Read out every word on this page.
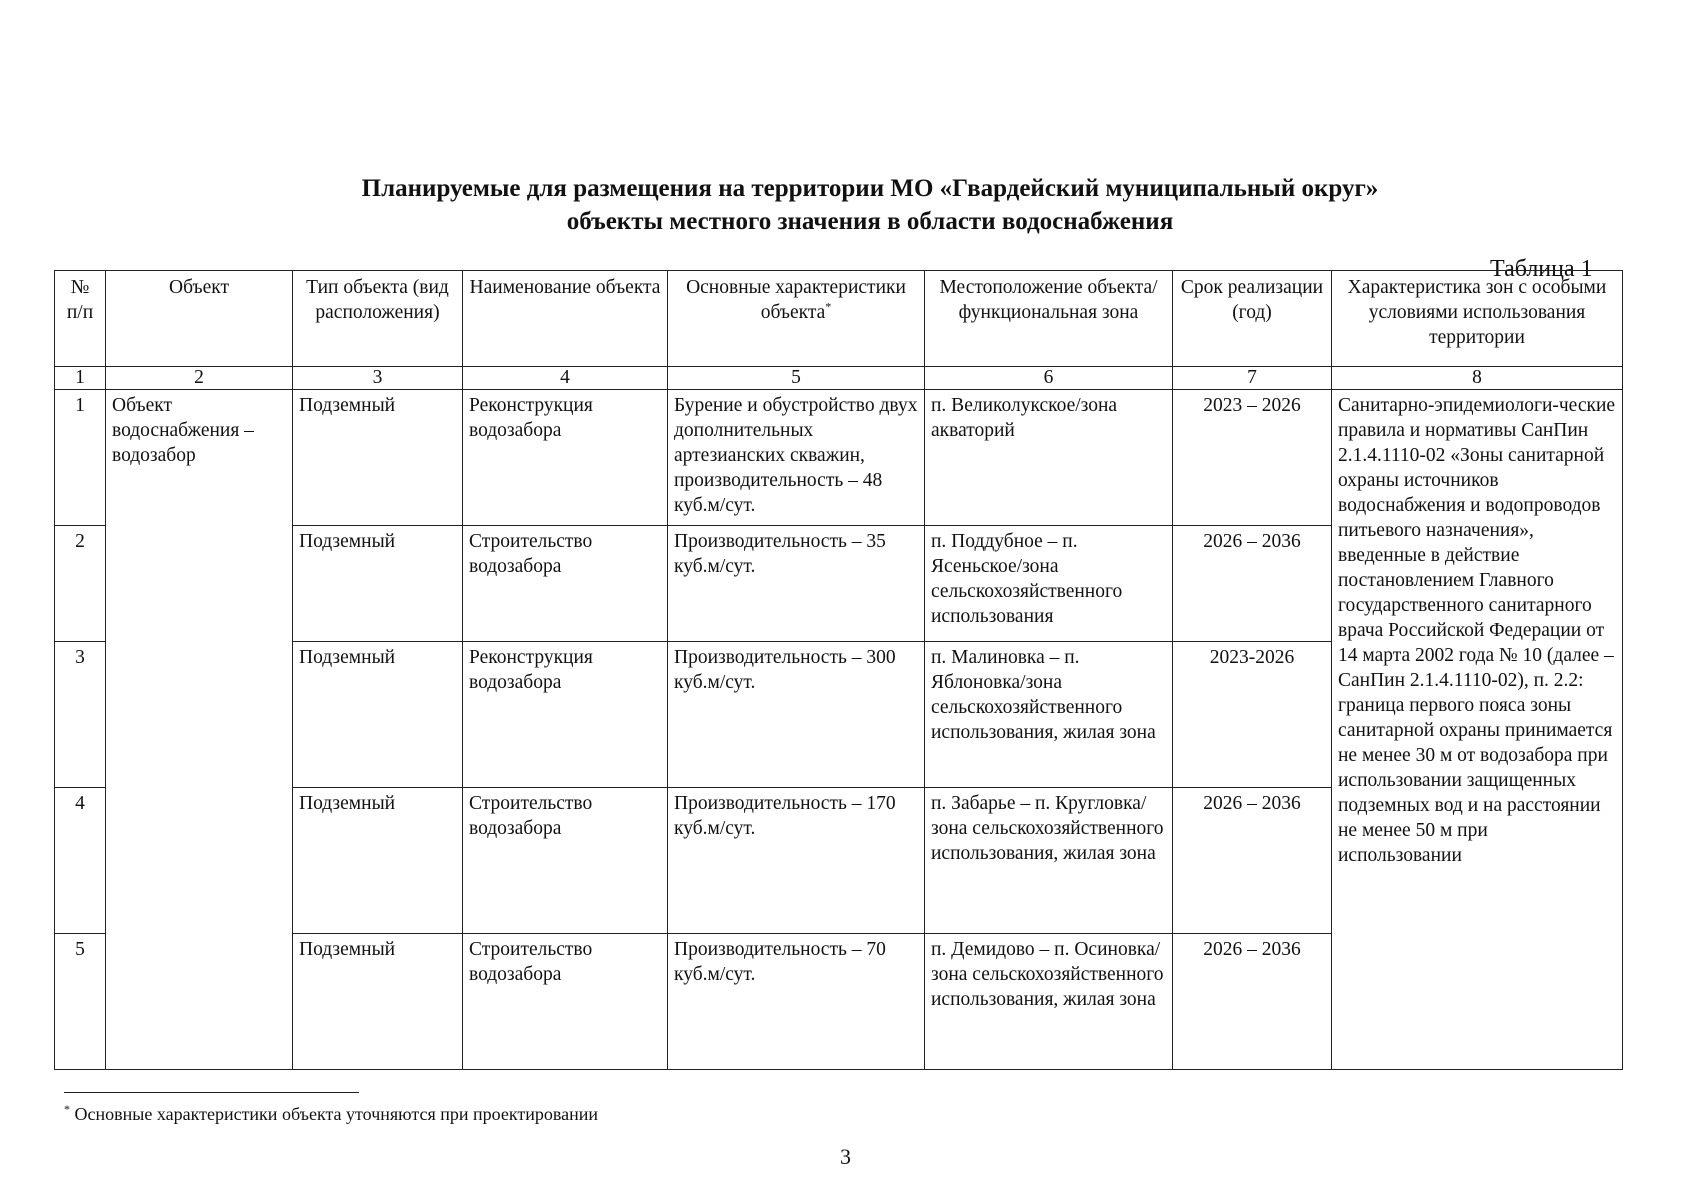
Планируемые для размещения на территории МО «Гвардейский муниципальный округ»
объекты местного значения в области водоснабжения
Таблица 1
№ п/п	Объект	Тип объекта (вид расположения)	Наименование объекта	Основные характеристики объекта*	Местоположение объекта/ функциональная зона	Срок реализации (год)	Характеристика зон с особыми условиями использования территории
1	2	3	4	5	6	7	8
1	Объект водоснабжения – водозабор	Подземный	Реконструкция водозабора	Бурение и обустройство двух дополнительных артезианских скважин, производительность – 48 куб.м/сут.	п. Великолукское/зона акваторий	2023 – 2026	Санитарно-эпидемиологи-ческие правила и нормативы СанПин 2.1.4.1110-02 «Зоны санитарной охраны источников водоснабжения и водопроводов питьевого назначения», введенные в действие постановлением Главного государственного санитарного врача Российской Федерации от 14 марта 2002 года № 10 (далее – СанПин 2.1.4.1110-02), п. 2.2: граница первого пояса зоны санитарной охраны принимается не менее 30 м от водозабора при использовании защищенных подземных вод и на расстоянии не менее 50 м при использовании
2		Подземный	Строительство водозабора	Производительность – 35 куб.м/сут.	п. Поддубное – п. Ясеньское/зона сельскохозяйственного использования	2026 – 2036	
3		Подземный	Реконструкция водозабора	Производительность – 300 куб.м/сут.	п. Малиновка – п. Яблоновка/зона сельскохозяйственного использования, жилая зона	2023-2026	
4		Подземный	Строительство водозабора	Производительность – 170 куб.м/сут.	п. Забарье – п. Кругловка/зона сельскохозяйственного использования, жилая зона	2026 – 2036	
5		Подземный	Строительство водозабора	Производительность – 70 куб.м/сут.	п. Демидово – п. Осиновка/зона сельскохозяйственного использования, жилая зона	2026 – 2036	
* Основные характеристики объекта уточняются при проектировании
3
